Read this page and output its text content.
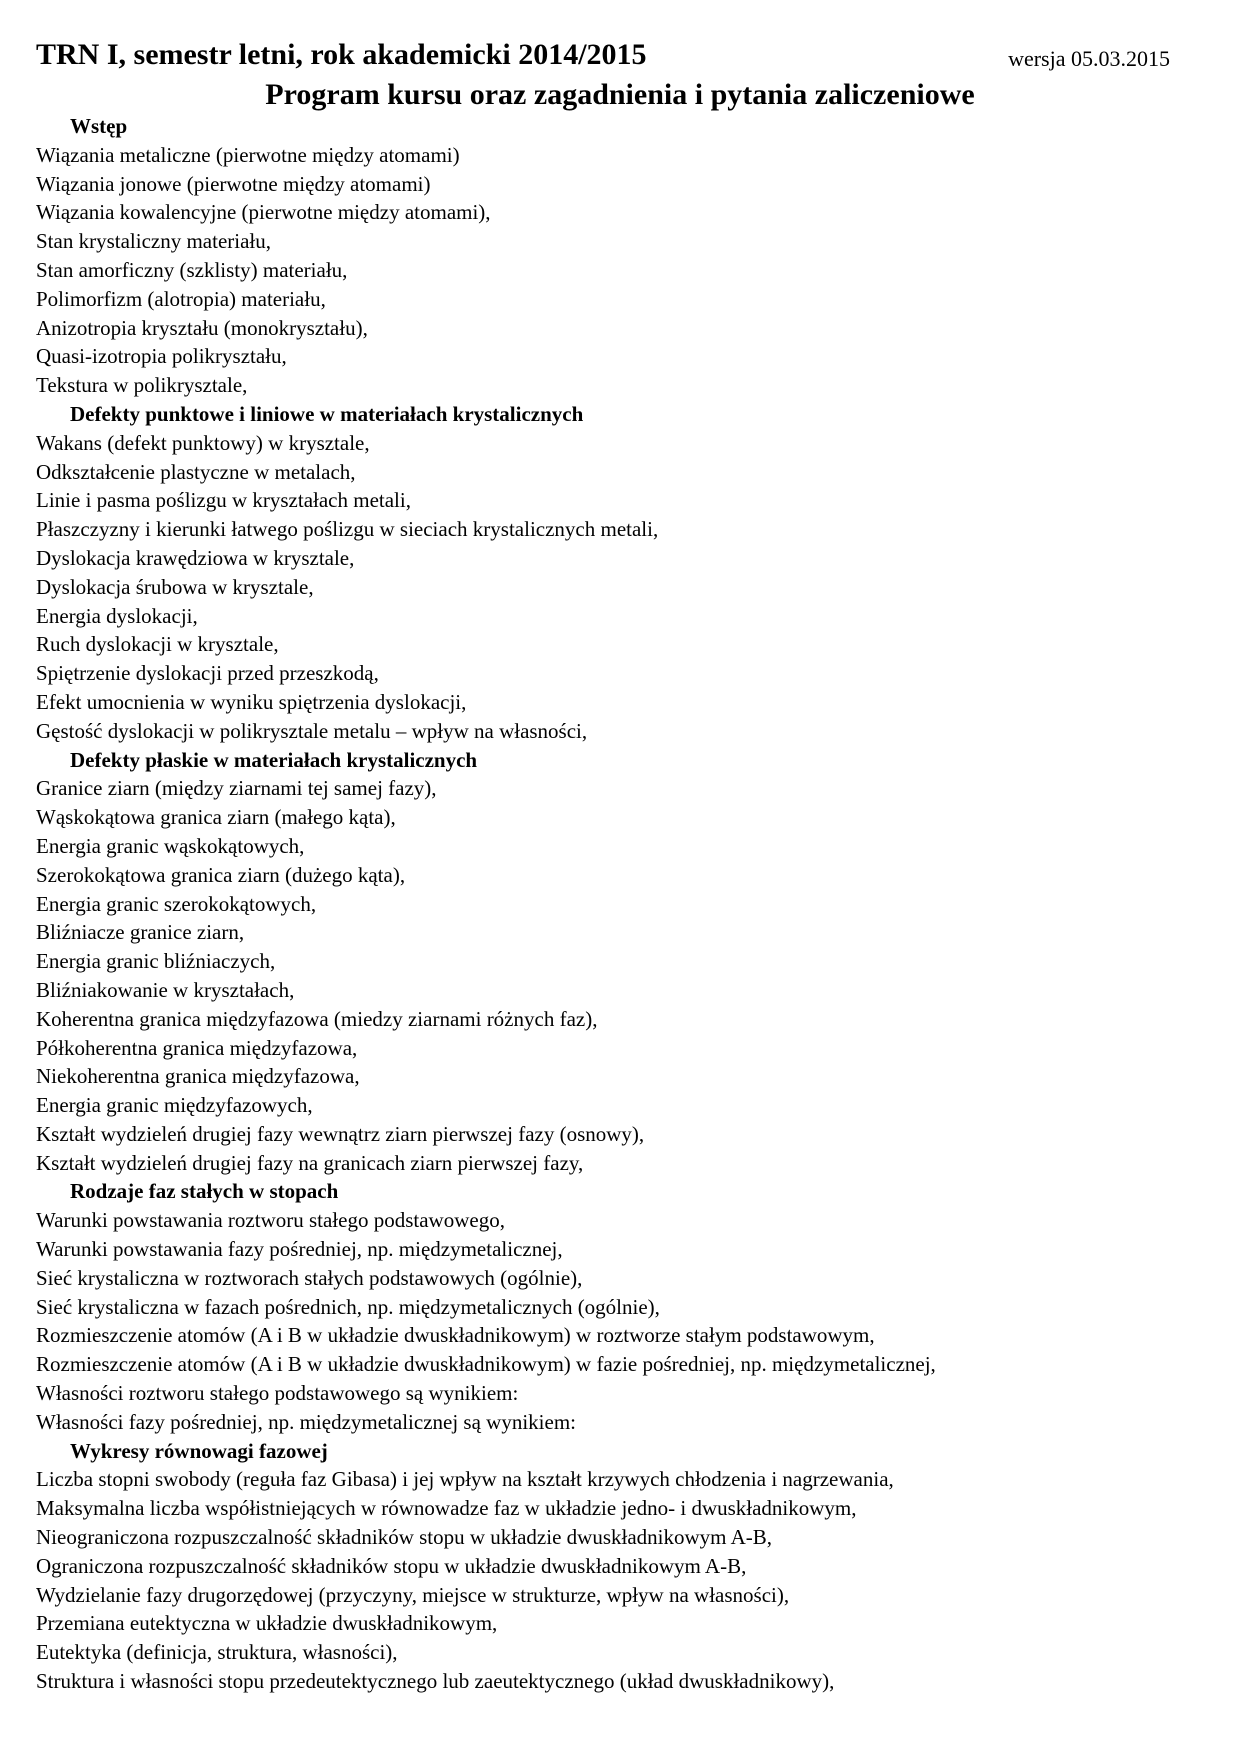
TRN I, semestr letni, rok akademicki 2014/2015	wersja 05.03.2015
Program kursu oraz zagadnienia i pytania zaliczeniowe
Wstęp
Wiązania metaliczne (pierwotne między atomami)
Wiązania jonowe (pierwotne między atomami)
Wiązania kowalencyjne (pierwotne między atomami),
Stan krystaliczny materiału,
Stan amorficzny (szklisty) materiału,
Polimorfizm (alotropia) materiału,
Anizotropia kryształu (monokryształu),
Quasi-izotropia polikryształu,
Tekstura w polikrysztale,
Defekty punktowe i liniowe w materiałach krystalicznych
Wakans (defekt punktowy) w krysztale,
Odkształcenie plastyczne w metalach,
Linie i pasma poślizgu w kryształach metali,
Płaszczyzny i kierunki łatwego poślizgu w sieciach krystalicznych metali,
Dyslokacja krawędziowa w krysztale,
Dyslokacja śrubowa w krysztale,
Energia dyslokacji,
Ruch dyslokacji w krysztale,
Spiętrzenie dyslokacji przed przeszkodą,
Efekt umocnienia w wyniku spiętrzenia dyslokacji,
Gęstość dyslokacji w polikrysztale metalu – wpływ na własności,
Defekty płaskie w materiałach krystalicznych
Granice ziarn (między ziarnami tej samej fazy),
Wąskokątowa granica ziarn (małego kąta),
Energia granic wąskokątowych,
Szerokokątowa granica ziarn (dużego kąta),
Energia granic szerokokątowych,
Bliźniacze granice ziarn,
Energia granic bliźniaczych,
Bliźniakowanie w kryształach,
Koherentna granica międzyfazowa (miedzy ziarnami różnych faz),
Półkoherentna granica międzyfazowa,
Niekoherentna granica międzyfazowa,
Energia granic międzyfazowych,
Kształt wydzieleń drugiej fazy wewnątrz ziarn pierwszej fazy (osnowy),
Kształt wydzieleń drugiej fazy na granicach ziarn pierwszej fazy,
Rodzaje faz stałych w stopach
Warunki powstawania roztworu stałego podstawowego,
Warunki powstawania fazy pośredniej, np. międzymetalicznej,
Sieć krystaliczna w roztworach stałych podstawowych (ogólnie),
Sieć krystaliczna w fazach pośrednich, np. międzymetalicznych (ogólnie),
Rozmieszczenie atomów (A i B w układzie dwuskładnikowym) w roztworze stałym podstawowym,
Rozmieszczenie atomów (A i B w układzie dwuskładnikowym) w fazie pośredniej, np. międzymetalicznej,
Własności roztworu stałego podstawowego są wynikiem:
Własności fazy pośredniej, np. międzymetalicznej są wynikiem:
Wykresy równowagi fazowej
Liczba stopni swobody (reguła faz Gibasa) i jej wpływ na kształt krzywych chłodzenia i nagrzewania,
Maksymalna liczba współistniejących w równowadze faz w układzie jedno- i dwuskładnikowym,
Nieograniczona rozpuszczalność składników stopu w układzie dwuskładnikowym A-B,
Ograniczona rozpuszczalność składników stopu w układzie dwuskładnikowym A-B,
Wydzielanie fazy drugorzędowej (przyczyny, miejsce w strukturze, wpływ na własności),
Przemiana eutektyczna w układzie dwuskładnikowym,
Eutektyka (definicja, struktura, własności),
Struktura i własności stopu przedeutektycznego lub zaeutektycznego (układ dwuskładnikowy),
